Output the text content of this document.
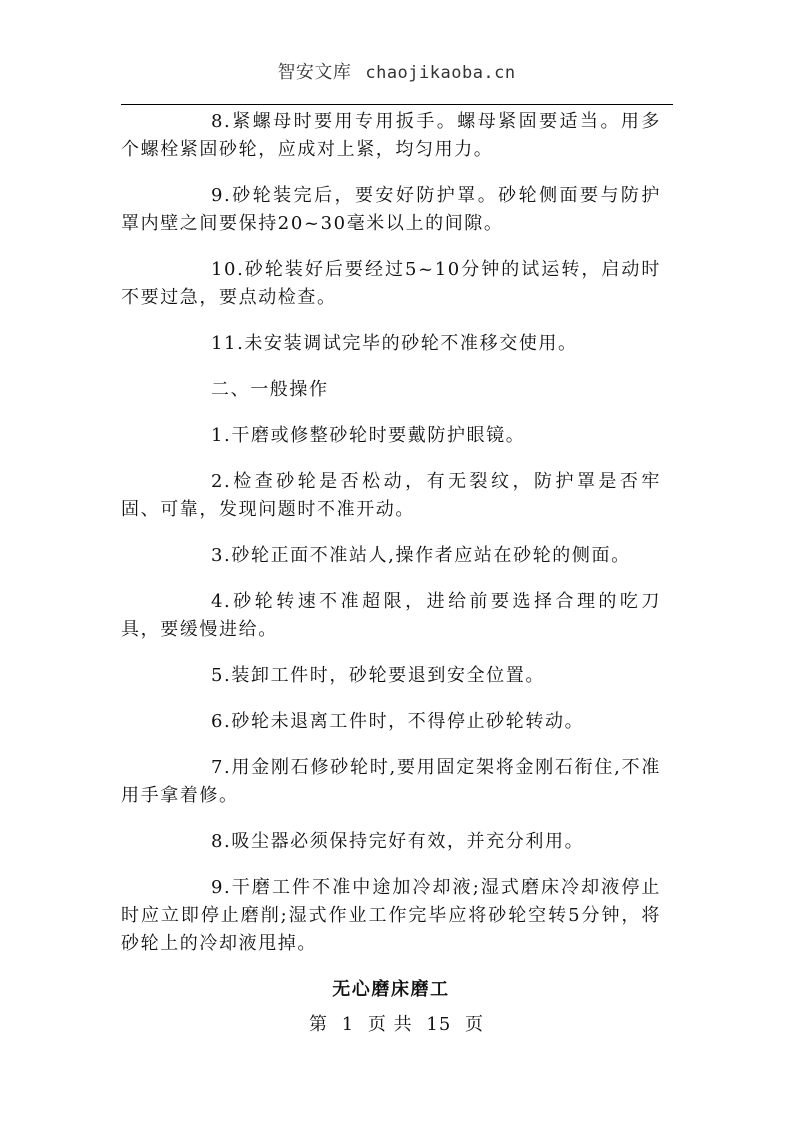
智安文库 chaojikaoba.cn

8.紧螺母时要用专用扳手。螺母紧固要适当。用多个螺栓紧固砂轮，应成对上紧，均匀用力。

9.砂轮装完后，要安好防护罩。砂轮侧面要与防护罩内壁之间要保持20~30毫米以上的间隙。

10.砂轮装好后要经过5~10分钟的试运转，启动时不要过急，要点动检查。

11.未安装调试完毕的砂轮不准移交使用。

二、一般操作

1.干磨或修整砂轮时要戴防护眼镜。

2.检查砂轮是否松动，有无裂纹，防护罩是否牢固、可靠，发现问题时不准开动。

3.砂轮正面不准站人,操作者应站在砂轮的侧面。

4.砂轮转速不准超限，进给前要选择合理的吃刀具，要缓慢进给。

5.装卸工件时，砂轮要退到安全位置。

6.砂轮未退离工件时，不得停止砂轮转动。

7.用金刚石修砂轮时,要用固定架将金刚石衔住,不准用手拿着修。

8.吸尘器必须保持完好有效，并充分利用。

9.干磨工件不准中途加冷却液;湿式磨床冷却液停止时应立即停止磨削;湿式作业工作完毕应将砂轮空转5分钟，将砂轮上的冷却液甩掉。

无心磨床磨工

第 1 页 共 15 页
